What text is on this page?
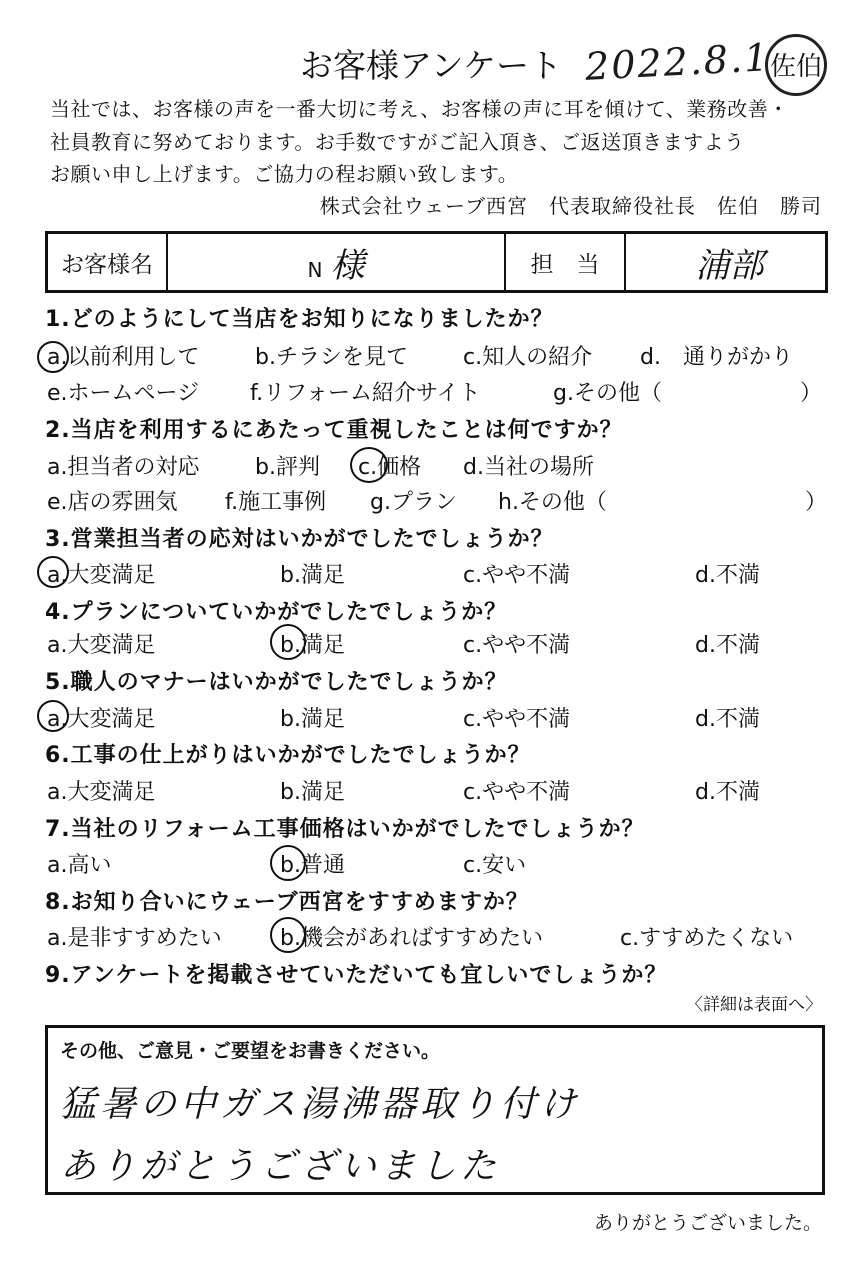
お客様アンケート 2022.8.1
佐伯
当社では、お客様の声を一番大切に考え、お客様の声に耳を傾けて、業務改善・
社員教育に努めております。お手数ですがご記入頂き、ご返送頂きますよう
お願い申し上げます。ご協力の程お願い致します。
株式会社ウェーブ西宮　代表取締役社長　佐伯　勝司
お客様名	N 様	担　当	浦部
1.どのようにして当店をお知りになりましたか？
a.以前利用して	b.チラシを見て	c.知人の紹介 d.　通りがかり
e.ホームページ f.リフォーム紹介サイト	g.その他（	）
2.当店を利用するにあたって重視したことは何ですか？
a.担当者の対応	b.評判 c.価格 d.当社の場所
e.店の雰囲気 f.施工事例 g.プラン h.その他（	）
3.営業担当者の応対はいかがでしたでしょうか？
a.大変満足	b.満足	c.やや不満	d.不満
4.プランについていかがでしたでしょうか？
a.大変満足	b.満足	c.やや不満	d.不満
5.職人のマナーはいかがでしたでしょうか？
a.大変満足	b.満足	c.やや不満	d.不満
6.工事の仕上がりはいかがでしたでしょうか？
a.大変満足	b.満足	c.やや不満	d.不満
7.当社のリフォーム工事価格はいかがでしたでしょうか？
a.高い	b.普通	c.安い
8.お知り合いにウェーブ西宮をすすめますか？
a.是非すすめたい	b.機会があればすすめたい	c.すすめたくない
9.アンケートを掲載させていただいても宜しいでしょうか？
〈詳細は表面へ〉
その他、ご意見・ご要望をお書きください。
猛暑の中ガス湯沸器取り付け
ありがとうございました
ありがとうございました。
